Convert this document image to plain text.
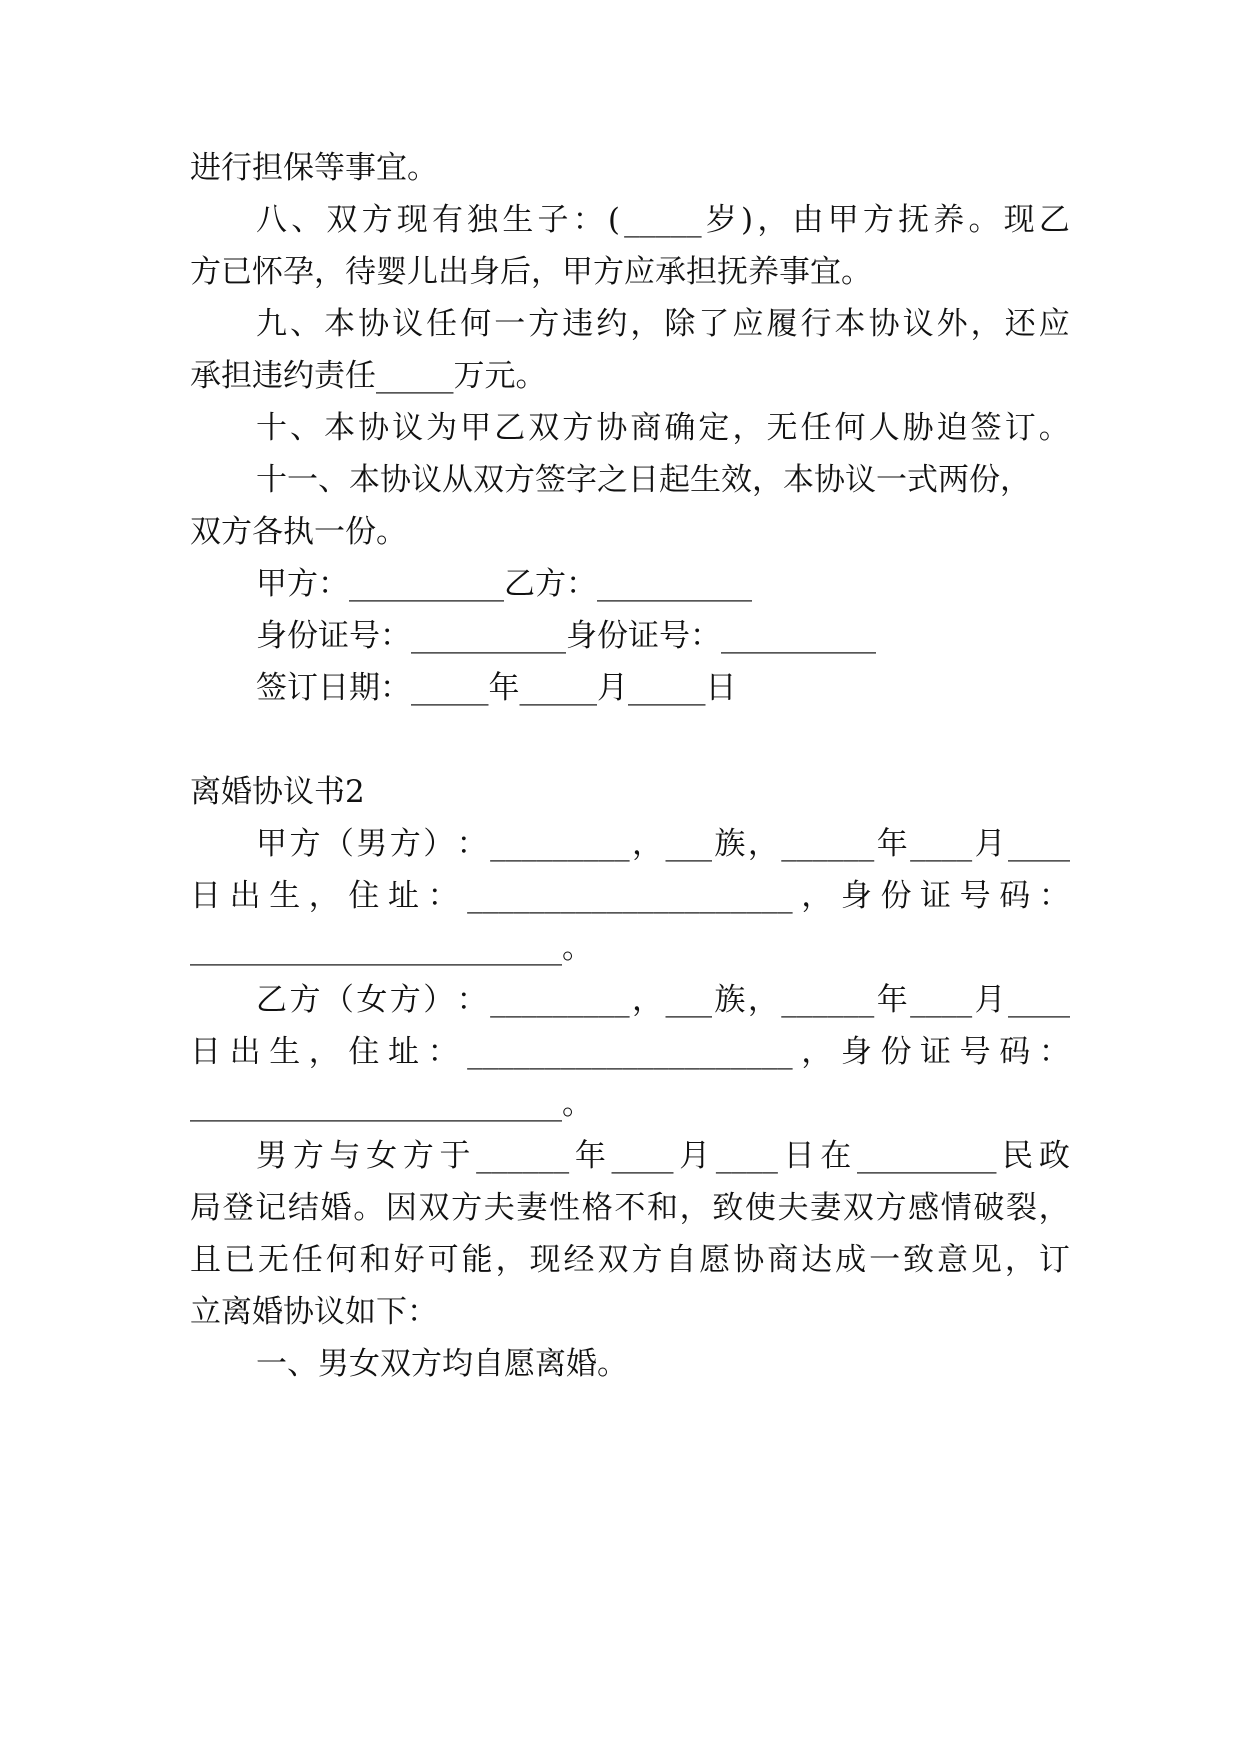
进行担保等事宜。
八 、 双 方 现 有 独 生 子 ： ( _____ 岁 ) ， 由 甲 方 抚 养 。 现 乙
方已怀孕，待婴儿出身后，甲方应承担抚养事宜。
九 、 本 协 议 任 何 一 方 违 约 ， 除 了 应 履 行 本 协 议 外 ， 还 应
承担违约责任_____万元。
十 、 本 协 议 为 甲 乙 双 方 协 商 确 定 ， 无 任 何 人 胁 迫 签 订 。
十一、本协议从双方签字之日起生效，本协议一式两份，
双方各执一份。
甲方：__________乙方：__________
身份证号：__________身份证号：__________
签订日期：_____年_____月_____日
离婚协议书2
甲 方 （ 男 方 ） ： _________ ， ___ 族 ， ______ 年 ____ 月 ____
日 出 生 ， 住 址 ： _____________________ ， 身 份 证 号 码 ：
________________________。
乙 方 （ 女 方 ） ： _________ ， ___ 族 ， ______ 年 ____ 月 ____
日 出 生 ， 住 址 ： _____________________ ， 身 份 证 号 码 ：
________________________。
男 方 与 女 方 于 ______ 年 ____ 月 ____ 日 在 _________ 民 政
局 登 记 结 婚 。 因 双 方 夫 妻 性 格 不 和 ， 致 使 夫 妻 双 方 感 情 破 裂 ，
且 已 无 任 何 和 好 可 能 ， 现 经 双 方 自 愿 协 商 达 成 一 致 意 见 ， 订
立离婚协议如下：
一、男女双方均自愿离婚。
